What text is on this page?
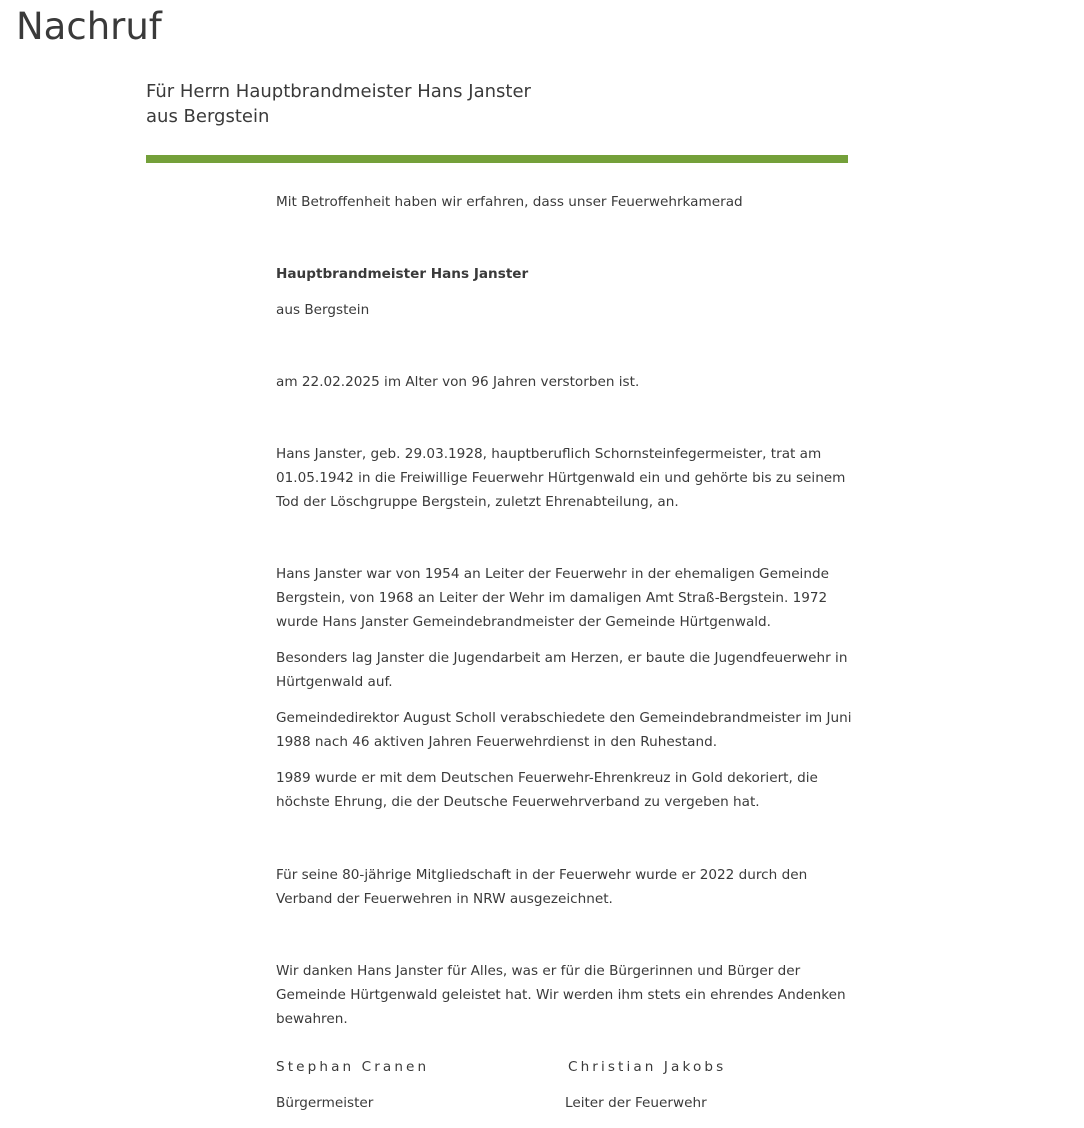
Nachruf
Für Herrn Hauptbrandmeister Hans Janster
aus Bergstein

Mit Betroffenheit haben wir erfahren, dass unser Feuerwehrkamerad

Hauptbrandmeister Hans Janster

aus Bergstein

am 22.02.2025 im Alter von 96 Jahren verstorben ist.

Hans Janster, geb. 29.03.1928, hauptberuflich Schornsteinfegermeister, trat am 01.05.1942 in die Freiwillige Feuerwehr Hürtgenwald ein und gehörte bis zu seinem Tod der Löschgruppe Bergstein, zuletzt Ehrenabteilung, an.

Hans Janster war von 1954 an Leiter der Feuerwehr in der ehemaligen Gemeinde Bergstein, von 1968 an Leiter der Wehr im damaligen Amt Straß-Bergstein. 1972 wurde Hans Janster Gemeindebrandmeister der Gemeinde Hürtgenwald.

Besonders lag Janster die Jugendarbeit am Herzen, er baute die Jugendfeuerwehr in Hürtgenwald auf.

Gemeindedirektor August Scholl verabschiedete den Gemeindebrandmeister im Juni 1988 nach 46 aktiven Jahren Feuerwehrdienst in den Ruhestand.

1989 wurde er mit dem Deutschen Feuerwehr-Ehrenkreuz in Gold dekoriert, die höchste Ehrung, die der Deutsche Feuerwehrverband zu vergeben hat.

Für seine 80-jährige Mitgliedschaft in der Feuerwehr wurde er 2022 durch den Verband der Feuerwehren in NRW ausgezeichnet.

Wir danken Hans Janster für Alles, was er für die Bürgerinnen und Bürger der Gemeinde Hürtgenwald geleistet hat. Wir werden ihm stets ein ehrendes Andenken bewahren.

Stephan Cranen
Bürgermeister
Christian Jakobs
Leiter der Feuerwehr
